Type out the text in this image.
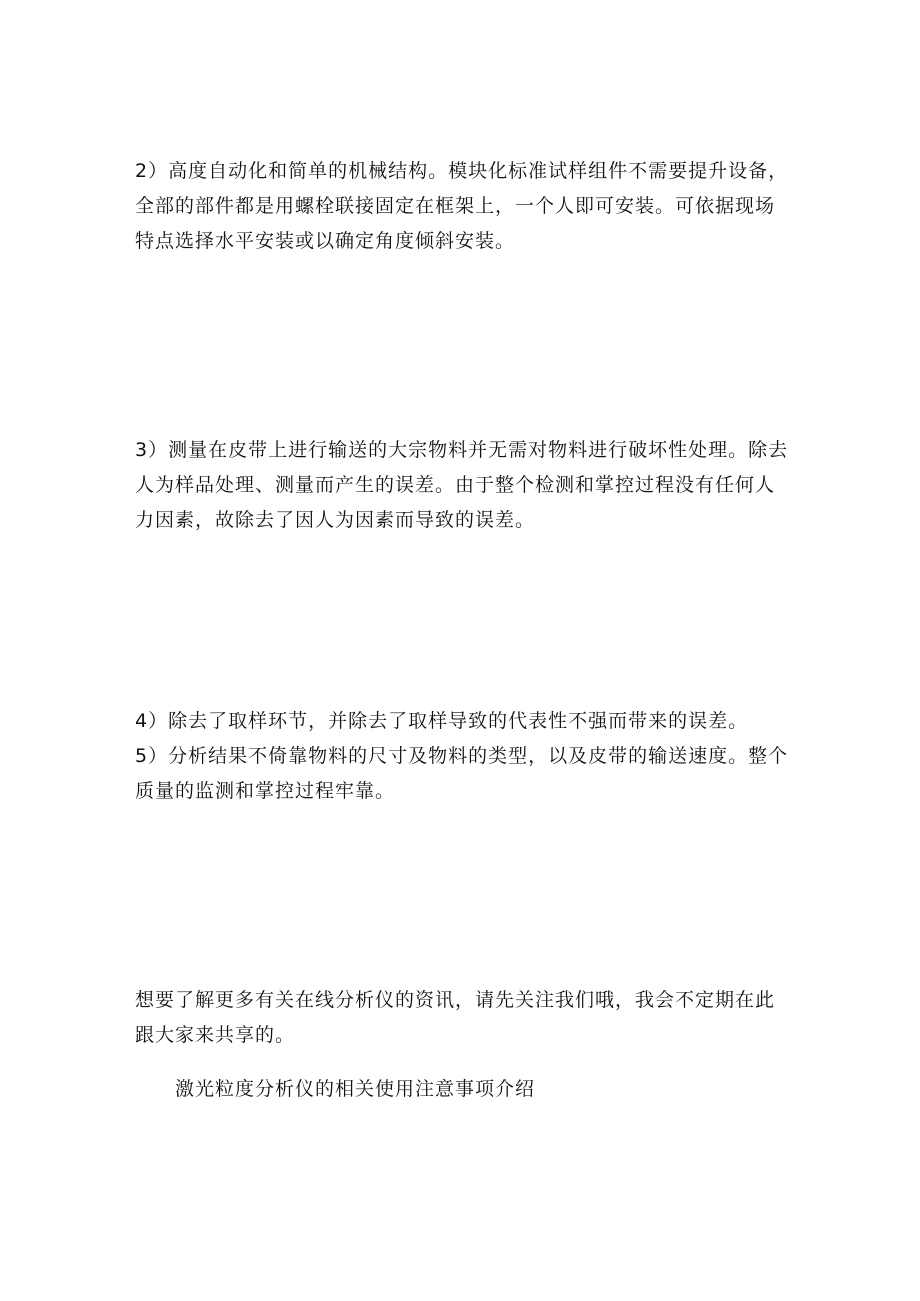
2）高度自动化和简单的机械结构。模块化标准试样组件不需要提升设备，
全部的部件都是用螺栓联接固定在框架上，一个人即可安装。可依据现场
特点选择水平安装或以确定角度倾斜安装。
3）测量在皮带上进行输送的大宗物料并无需对物料进行破坏性处理。除去
人为样品处理、测量而产生的误差。由于整个检测和掌控过程没有任何人
力因素，故除去了因人为因素而导致的误差。
4）除去了取样环节，并除去了取样导致的代表性不强而带来的误差。
5）分析结果不倚靠物料的尺寸及物料的类型，以及皮带的输送速度。整个
质量的监测和掌控过程牢靠。
想要了解更多有关在线分析仪的资讯，请先关注我们哦，我会不定期在此
跟大家来共享的。
激光粒度分析仪的相关使用注意事项介绍
